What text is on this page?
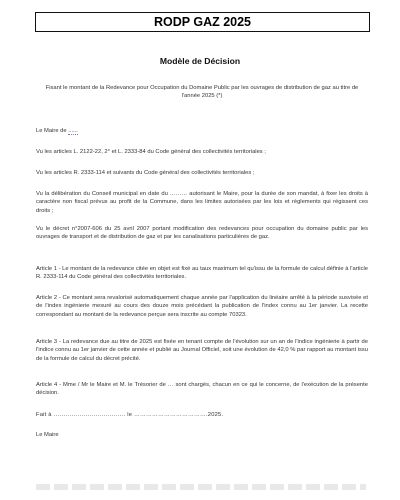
RODP GAZ 2025
Modèle de Décision

Fixant le montant de la Redevance pour Occupation du Domaine Public par les ouvrages de distribution de gaz au titre de l'année 2025 (*)

Le Maire de ......

Vu les articles L. 2122-22, 2° et L. 2333-84 du Code général des collectivités territoriales ;

Vu les articles R. 2333-114 et suivants du Code général des collectivités territoriales ;

Vu la délibération du Conseil municipal en date du ……… autorisant le Maire, pour la durée de son mandat, à fixer les droits à caractère non fiscal prévus au profit de la Commune, dans les limites autorisées par les lois et règlements qui régissent ces droits ;

Vu le décret n°2007-606 du 25 avril 2007 portant modification des redevances pour occupation du domaine public par les ouvrages de transport et de distribution de gaz et par les canalisations particulières de gaz.

Article 1 - Le montant de la redevance citée en objet est fixé au taux maximum tel qu'issu de la formule de calcul définie à l'article R. 2333-114 du Code général des collectivités territoriales.

Article 2 - Ce montant sera revalorisé automatiquement chaque année par l'application du linéaire arrêté à la période susvisée et de l'index ingénierie mesuré au cours des douze mois précédant la publication de l'index connu au 1er janvier. La recette correspondant au montant de la redevance perçue sera inscrite au compte 70323.

Article 3 - La redevance due au titre de 2025 est fixée en tenant compte de l'évolution sur un an de l'indice ingénierie à partir de l'indice connu au 1er janvier de cette année et publié au Journal Officiel, soit une évolution de 42,0 % par rapport au montant issu de la formule de calcul du décret précité.

Article 4 - Mme / Mr le Maire et M. le Trésorier de … sont chargés, chacun en ce qui le concerne, de l'exécution de la présente décision.

Fait à ……………………………… le ……………………………….2025.

Le Maire
